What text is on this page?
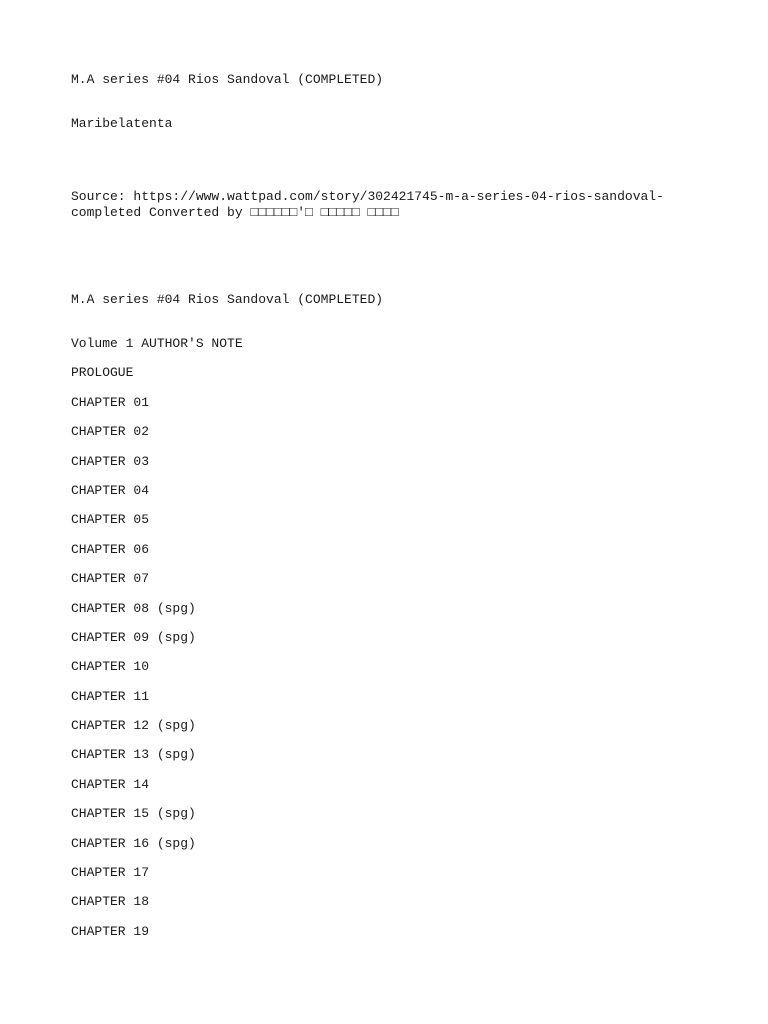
M.A series #04 Rios Sandoval (COMPLETED)

Maribelatenta

Source: https://www.wattpad.com/story/302421745-m-a-series-04-rios-sandoval-

completed Converted by □□□□□□'□ □□□□□ □□□□

M.A series #04 Rios Sandoval (COMPLETED)

Volume 1 AUTHOR'S NOTE
PROLOGUE
CHAPTER 01
CHAPTER 02
CHAPTER 03
CHAPTER 04
CHAPTER 05
CHAPTER 06
CHAPTER 07
CHAPTER 08 (spg)
CHAPTER 09 (spg)
CHAPTER 10
CHAPTER 11
CHAPTER 12 (spg)
CHAPTER 13 (spg)
CHAPTER 14
CHAPTER 15 (spg)
CHAPTER 16 (spg)
CHAPTER 17
CHAPTER 18
CHAPTER 19
